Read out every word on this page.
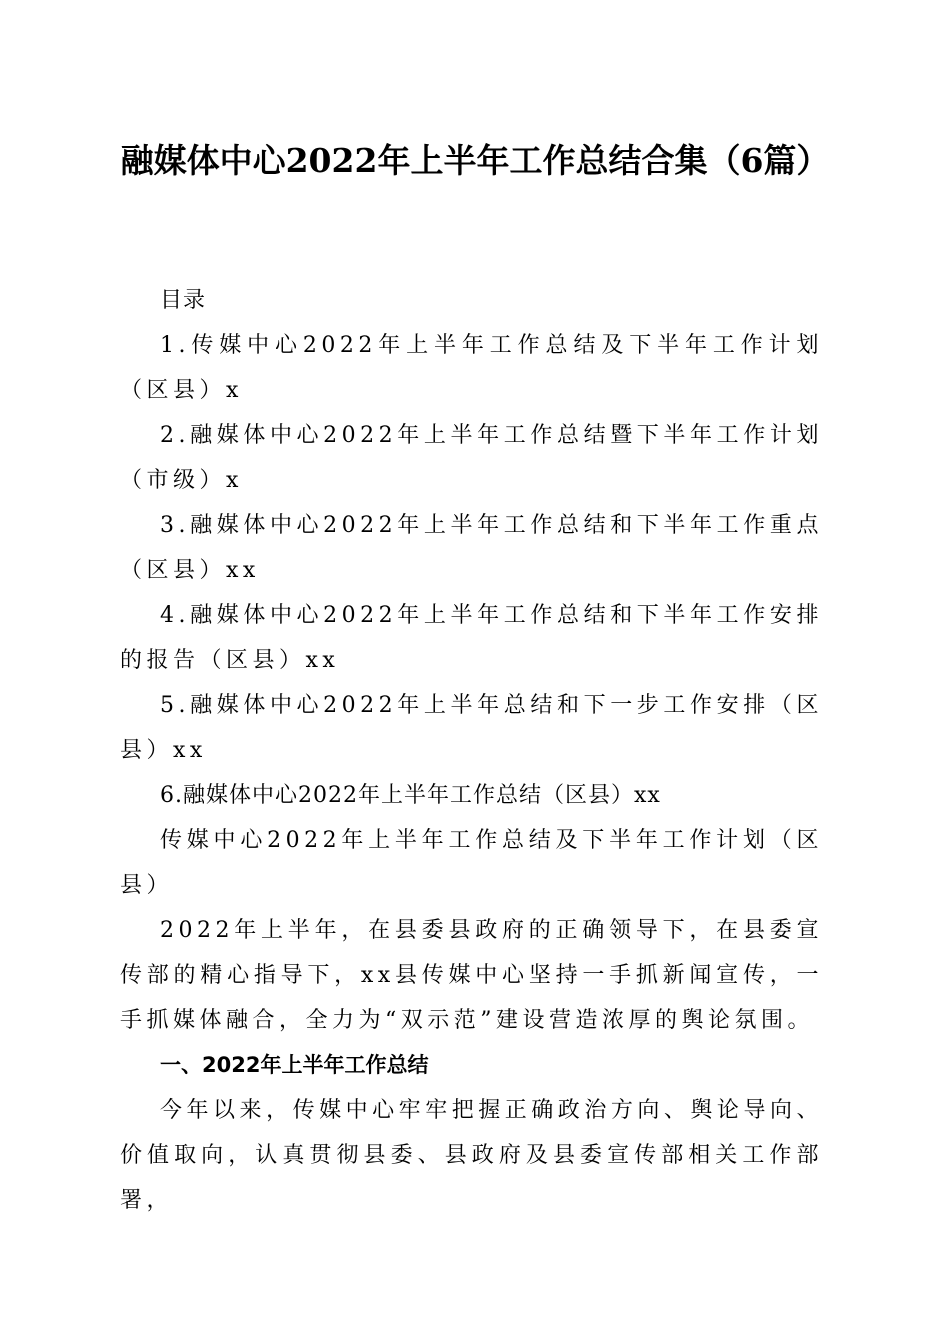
融媒体中心2022年上半年工作总结合集（6篇）

目录

1.传媒中心2022年上半年工作总结及下半年工作计划（区县）x

2.融媒体中心2022年上半年工作总结暨下半年工作计划（市级）x

3.融媒体中心2022年上半年工作总结和下半年工作重点（区县）xx

4.融媒体中心2022年上半年工作总结和下半年工作安排的报告（区县）xx

5.融媒体中心2022年上半年总结和下一步工作安排（区县）xx

6.融媒体中心2022年上半年工作总结（区县）xx

传媒中心2022年上半年工作总结及下半年工作计划（区县）

2022年上半年，在县委县政府的正确领导下，在县委宣传部的精心指导下，xx县传媒中心坚持一手抓新闻宣传，一手抓媒体融合，全力为“双示范”建设营造浓厚的舆论氛围。

一、2022年上半年工作总结

今年以来，传媒中心牢牢把握正确政治方向、舆论导向、价值取向，认真贯彻县委、县政府及县委宣传部相关工作部署，
